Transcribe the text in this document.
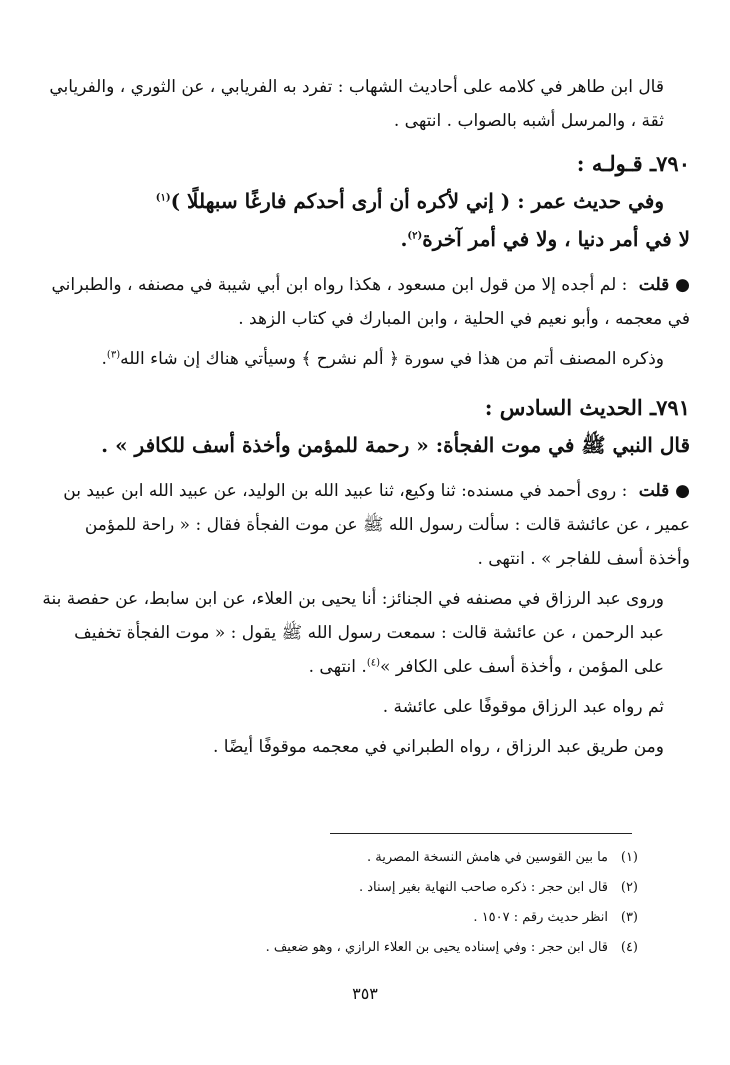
قال ابن طاهر في كلامه على أحاديث الشهاب : تفرد به الفريابي ، عن الثوري ، والفريابي ثقة ، والمرسل أشبه بالصواب . انتهى .

٧٩٠ـ قـولـه :

وفي حديث عمر : ( إني لأكره أن أرى أحدكم فارغًا سبهللًا )$^{(١)}$

لا في أمر دنيا ، ولا في أمر آخرة$^{(٢)}$.

● قلت : لم أجده إلا من قول ابن مسعود ، هكذا رواه ابن أبي شيبة في مصنفه ، والطبراني في معجمه ، وأبو نعيم في الحلية ، وابن المبارك في كتاب الزهد .

وذكره المصنف أتم من هذا في سورة ﴿ ألم نشرح ﴾ وسيأتي هناك إن شاء الله$^{(٣)}$.

٧٩١ـ الحديث السادس :

قال النبي ﷺ في موت الفجأة: « رحمة للمؤمن وأخذة أسف للكافر » .

● قلت : روى أحمد في مسنده: ثنا وكيع، ثنا عبيد الله بن الوليد، عن عبيد الله ابن عبيد بن عمير ، عن عائشة قالت : سألت رسول الله ﷺ عن موت الفجأة فقال : « راحة للمؤمن وأخذة أسف للفاجر » . انتهى .

وروى عبد الرزاق في مصنفه في الجنائز: أنا يحيى بن العلاء، عن ابن سابط، عن حفصة بنة عبد الرحمن ، عن عائشة قالت : سمعت رسول الله ﷺ يقول : « موت الفجأة تخفيف على المؤمن ، وأخذة أسف على الكافر »$^{(٤)}$. انتهى .

ثم رواه عبد الرزاق موقوفًا على عائشة .

ومن طريق عبد الرزاق ، رواه الطبراني في معجمه موقوفًا أيضًا .

(١)ما بين القوسين في هامش النسخة المصرية .

(٢)قال ابن حجر : ذكره صاحب النهاية بغير إسناد .

(٣)انظر حديث رقم : ١٥٠٧ .

(٤)قال ابن حجر : وفي إسناده يحيى بن العلاء الرازي ، وهو ضعيف .

٣٥٣
